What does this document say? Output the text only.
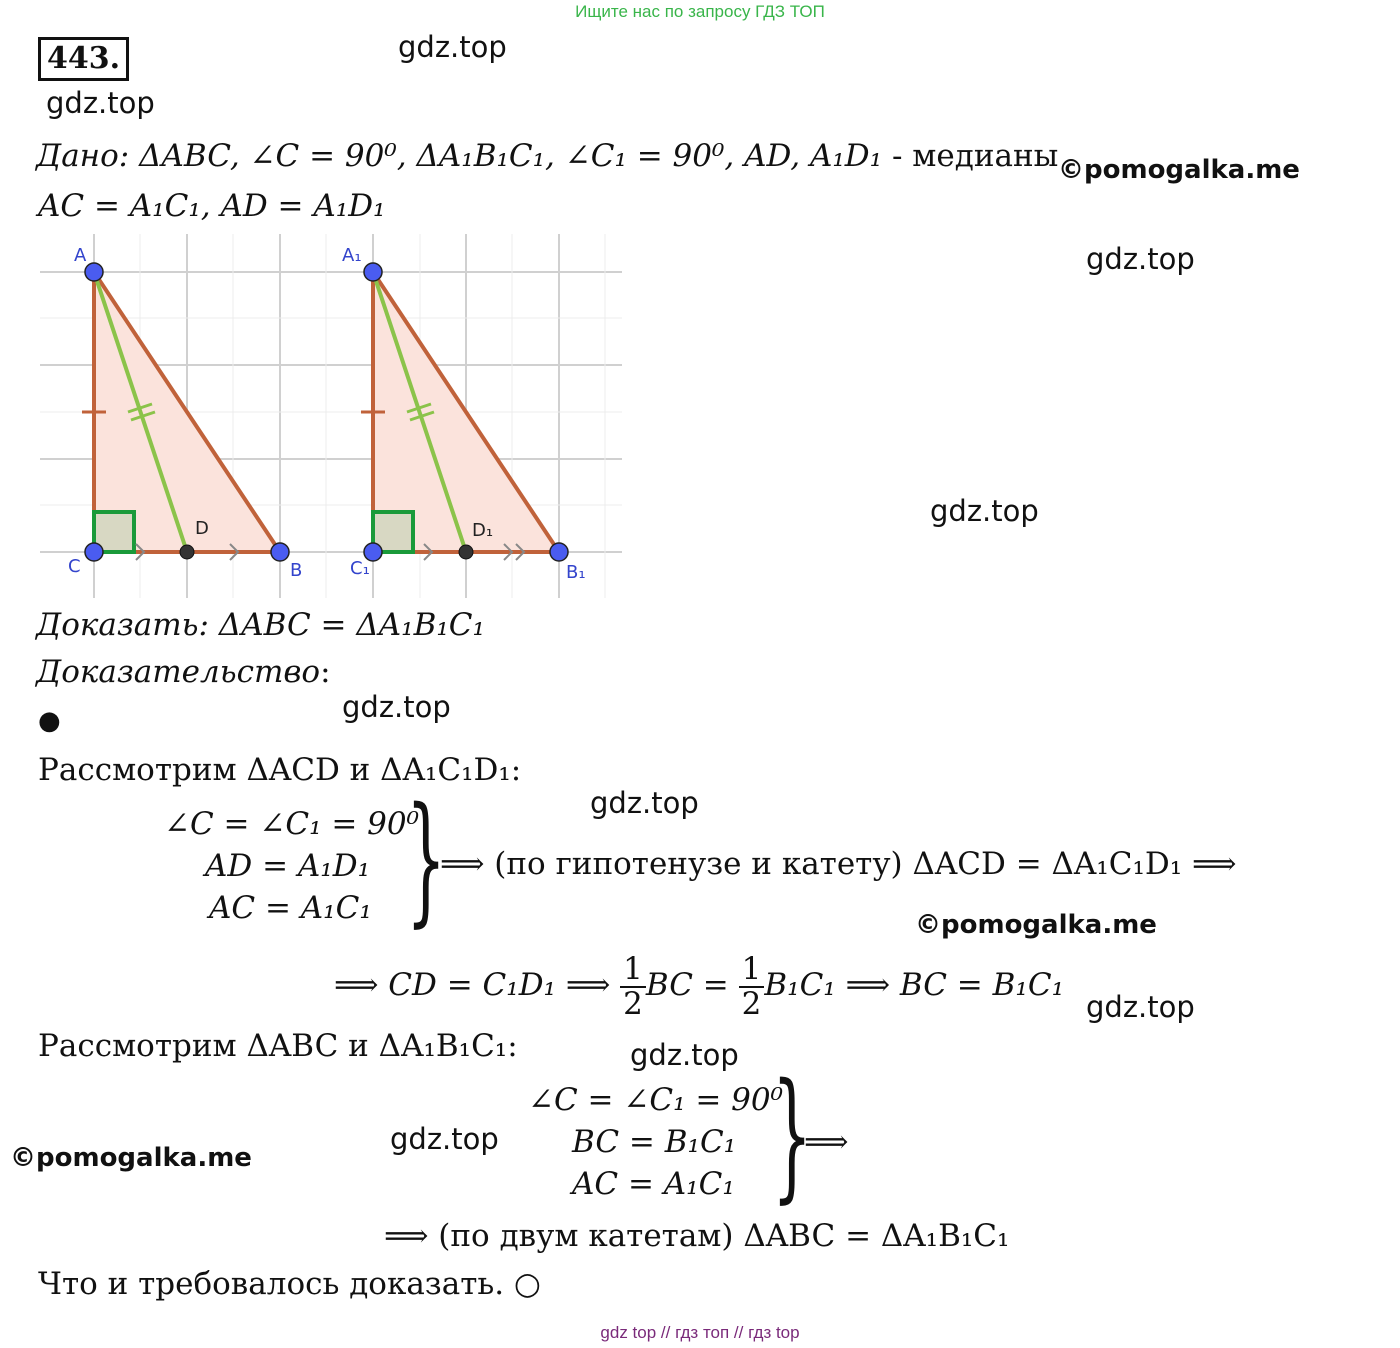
Ищите нас по запросу ГДЗ ТОП
443.	gdz.top
gdz.top
©pomogalka.me
gdz.top
gdz.top
gdz.top
gdz.top
©pomogalka.me
gdz.top
gdz.top
gdz.top
©pomogalka.me
Дано: ΔABC, ∠C = 90⁰, ΔA₁B₁C₁, ∠C₁ = 90⁰, AD, A₁D₁ - медианы
AC = A₁C₁, AD = A₁D₁
A
C	B
D
A₁
C₁	B₁
D₁
Доказать: ΔABC = ΔA₁B₁C₁
Доказательство:
●
Рассмотрим ΔACD и ΔA₁C₁D₁:
∠C = ∠C₁ = 90⁰
AD = A₁D₁
AC = A₁C₁ }
⟹ (по гипотенузе и катету) ΔACD = ΔA₁C₁D₁ ⟹
⟹ CD = C₁D₁ ⟹ $\frac{1}{2}$ BC = $\frac{1}{2} B_1C_1$ ⟹ BC = B₁C₁
Рассмотрим ΔABC и ΔA₁B₁C₁:
∠C = ∠C₁ = 90⁰
BC = B₁C₁
AC = A₁C₁ }
⟹
⟹ (по двум катетам) ΔABC = ΔA₁B₁C₁
Что и требовалось доказать. ○
gdz top // гдз топ // гдз top
